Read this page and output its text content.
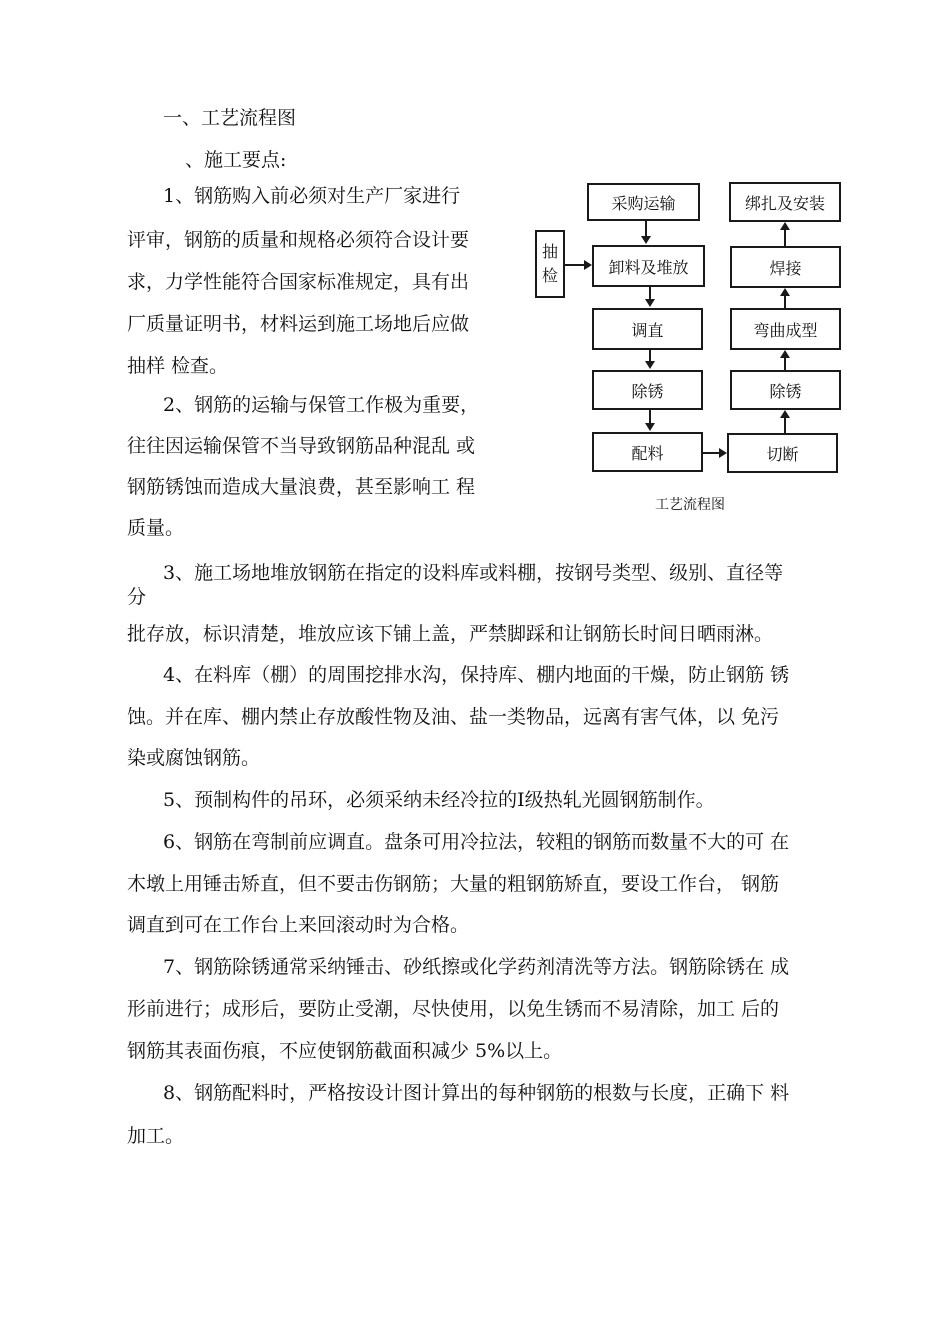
一、工艺流程图
、施工要点:
1、钢筋购入前必须对生产厂家进行
评审，钢筋的质量和规格必须符合设计要
求，力学性能符合国家标准规定，具有出
厂质量证明书，材料运到施工场地后应做
抽样 检查。
2、钢筋的运输与保管工作极为重要，
往往因运输保管不当导致钢筋品种混乱 或
钢筋锈蚀而造成大量浪费，甚至影响工 程
质量。
抽
检
采购运输
卸料及堆放
调直
除锈
配料
绑扎及安装
焊接
弯曲成型
除锈
切断
工艺流程图
3、施工场地堆放钢筋在指定的设料库或料棚，按钢号类型、级别、直径等
分
批存放，标识清楚，堆放应该下铺上盖，严禁脚踩和让钢筋长时间日晒雨淋。
4、在料库（棚）的周围挖排水沟，保持库、棚内地面的干燥，防止钢筋 锈
蚀。并在库、棚内禁止存放酸性物及油、盐一类物品，远离有害气体，以 免污
染或腐蚀钢筋。
5、预制构件的吊环，必须采纳未经冷拉的Ⅰ级热轧光圆钢筋制作。
6、钢筋在弯制前应调直。盘条可用冷拉法，较粗的钢筋而数量不大的可 在
木墩上用锤击矫直，但不要击伤钢筋；大量的粗钢筋矫直，要设工作台， 钢筋
调直到可在工作台上来回滚动时为合格。
7、钢筋除锈通常采纳锤击、砂纸擦或化学药剂清洗等方法。钢筋除锈在 成
形前进行；成形后，要防止受潮，尽快使用，以免生锈而不易清除，加工 后的
钢筋其表面伤痕，不应使钢筋截面积减少 5%以上。
8、钢筋配料时，严格按设计图计算出的每种钢筋的根数与长度，正确下 料
加工。
